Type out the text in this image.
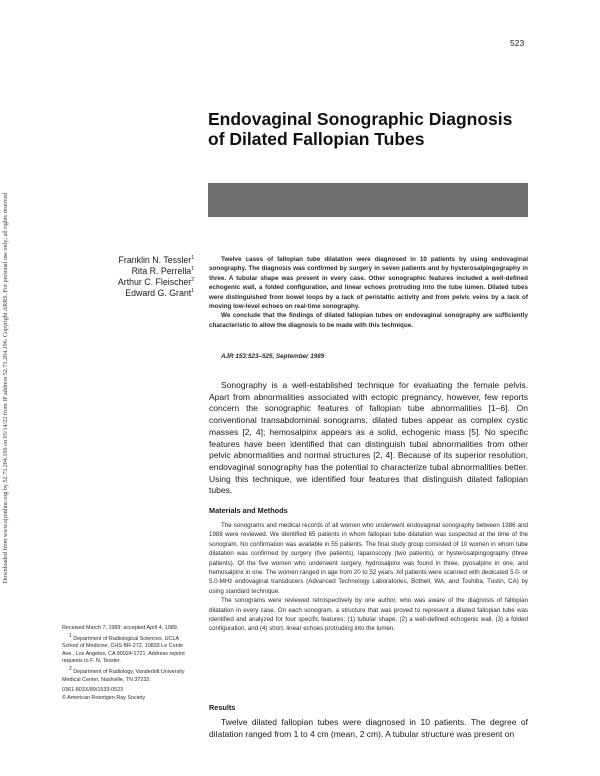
Downloaded from www.ajronline.org by 52.73.204.196 on 05/14/22 from IP address 52.73.204.196. Copyright ARRS. For personal use only; all rights reserved
523
Endovaginal Sonographic Diagnosis of Dilated Fallopian Tubes
Franklin N. Tessler$^1$
Rita R. Perrella$^1$
Arthur C. Fleischer$^2$
Edward G. Grant$^1$

Twelve cases of fallopian tube dilatation were diagnosed in 10 patients by using endovaginal sonography. The diagnosis was confirmed by surgery in seven patients and by hysterosalpingography in three. A tubular shape was present in every case. Other sonographic features included a well-defined echogenic wall, a folded configuration, and linear echoes protruding into the tube lumen. Dilated tubes were distinguished from bowel loops by a lack of peristaltic activity and from pelvic veins by a lack of moving low-level echoes on real-time sonography.

We conclude that the findings of dilated fallopian tubes on endovaginal sonography are sufficiently characteristic to allow the diagnosis to be made with this technique.

AJR 153:523–525, September 1989

Sonography is a well-established technique for evaluating the female pelvis. Apart from abnormalities associated with ectopic pregnancy, however, few reports concern the sonographic features of fallopian tube abnormalities [1–6]. On conventional transabdominal sonograms, dilated tubes appear as complex cystic masses [2, 4]; hemosalpinx appears as a solid, echogenic mass [5]. No specific features have been identified that can distinguish tubal abnormalities from other pelvic abnormalities and normal structures [2, 4]. Because of its superior resolution, endovaginal sonography has the potential to characterize tubal abnormalities better. Using this technique, we identified four features that distinguish dilated fallopian tubes.

Materials and Methods

The sonograms and medical records of all women who underwent endovaginal sonography between 1986 and 1988 were reviewed. We identified 65 patients in whom fallopian tube dilatation was suspected at the time of the sonogram. No confirmation was available in 55 patients. The final study group consisted of 10 women in whom tube dilatation was confirmed by surgery (five patients), laparoscopy (two patients), or hysterosalpingography (three patients). Of the five women who underwent surgery, hydrosalpinx was found in three, pyosalpinx in one, and hemosalpinx in one. The women ranged in age from 20 to 52 years. All patients were scanned with dedicated 5.0- or 5.0-MHz endovaginal transducers (Advanced Technology Laboratories, Bothell, WA, and Toshiba, Tustin, CA) by using standard technique.

The sonograms were reviewed retrospectively by one author, who was aware of the diagnosis of fallopian dilatation in every case. On each sonogram, a structure that was proved to represent a dilated fallopian tube was identified and analyzed for four specific features: (1) tubular shape, (2) a well-defined echogenic wall, (3) a folded configuration, and (4) short, linear echoes protruding into the lumen.

Received March 7, 1989; accepted April 4, 1989.

$^1$ Department of Radiological Sciences, UCLA School of Medicine, CHS BR-272, 10833 Le Conte Ave., Los Angeles, CA 90024-1721. Address reprint requests to F. N. Tessler.

$^2$ Department of Radiology, Vanderbilt University Medical Center, Nashville, TN 37232.

0361-803X/89/1533-0523

© American Roentgen Ray Society

Results

Twelve dilated fallopian tubes were diagnosed in 10 patients. The degree of dilatation ranged from 1 to 4 cm (mean, 2 cm). A tubular structure was present on
